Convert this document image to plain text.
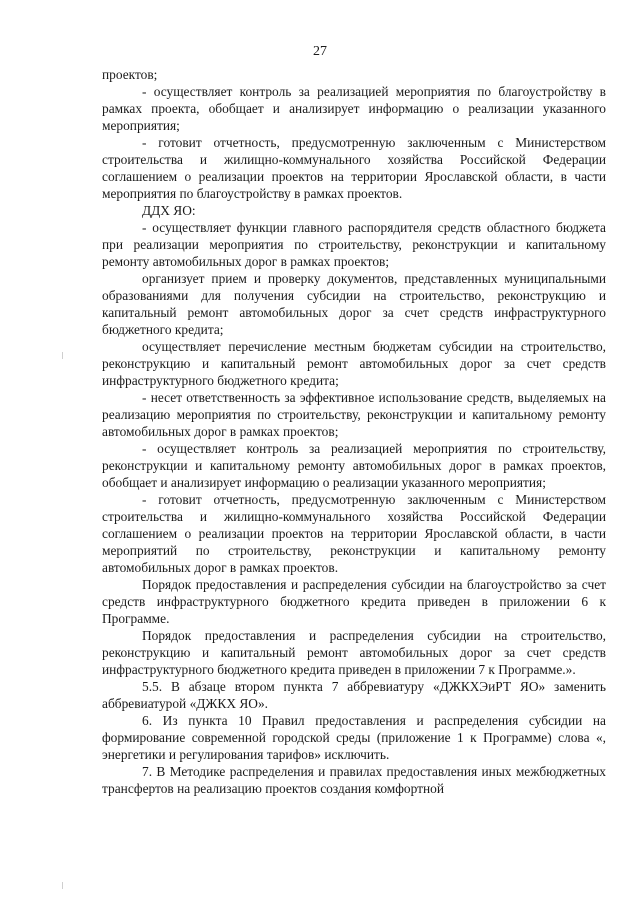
27

проектов;

- осуществляет контроль за реализацией мероприятия по благоустройству в рамках проекта, обобщает и анализирует информацию о реализации указанного мероприятия;

- готовит отчетность, предусмотренную заключенным с Министерством строительства и жилищно-коммунального хозяйства Российской Федерации соглашением о реализации проектов на территории Ярославской области, в части мероприятия по благоустройству в рамках проектов.

ДДХ ЯО:

- осуществляет функции главного распорядителя средств областного бюджета при реализации мероприятия по строительству, реконструкции и капитальному ремонту автомобильных дорог в рамках проектов;

организует прием и проверку документов, представленных муниципальными образованиями для получения субсидии на строительство, реконструкцию и капитальный ремонт автомобильных дорог за счет средств инфраструктурного бюджетного кредита;

осуществляет перечисление местным бюджетам субсидии на строительство, реконструкцию и капитальный ремонт автомобильных дорог за счет средств инфраструктурного бюджетного кредита;

- несет ответственность за эффективное использование средств, выделяемых на реализацию мероприятия по строительству, реконструкции и капитальному ремонту автомобильных дорог в рамках проектов;

- осуществляет контроль за реализацией мероприятия по строительству, реконструкции и капитальному ремонту автомобильных дорог в рамках проектов, обобщает и анализирует информацию о реализации указанного мероприятия;

- готовит отчетность, предусмотренную заключенным с Министерством строительства и жилищно-коммунального хозяйства Российской Федерации соглашением о реализации проектов на территории Ярославской области, в части мероприятий по строительству, реконструкции и капитальному ремонту автомобильных дорог в рамках проектов.

Порядок предоставления и распределения субсидии на благоустройство за счет средств инфраструктурного бюджетного кредита приведен в приложении 6 к Программе.

Порядок предоставления и распределения субсидии на строительство, реконструкцию и капитальный ремонт автомобильных дорог за счет средств инфраструктурного бюджетного кредита приведен в приложении 7 к Программе.».

5.5. В абзаце втором пункта 7 аббревиатуру «ДЖКХЭиРТ ЯО» заменить аббревиатурой «ДЖКХ ЯО».

6. Из пункта 10 Правил предоставления и распределения субсидии на формирование современной городской среды (приложение 1 к Программе) слова «, энергетики и регулирования тарифов» исключить.

7. В Методике распределения и правилах предоставления иных межбюджетных трансфертов на реализацию проектов создания комфортной
